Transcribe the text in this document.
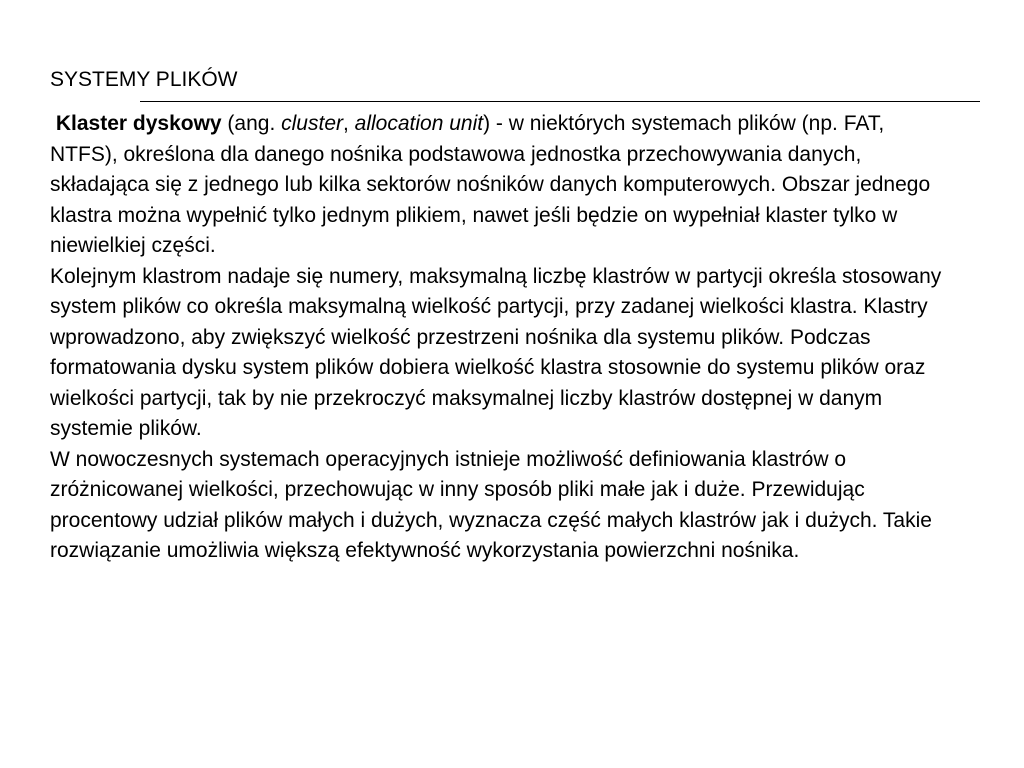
SYSTEMY PLIKÓW

Klaster dyskowy (ang. cluster, allocation unit) - w niektórych systemach plików (np. FAT, NTFS), określona dla danego nośnika podstawowa jednostka przechowywania danych, składająca się z jednego lub kilka sektorów nośników danych komputerowych. Obszar jednego klastra można wypełnić tylko jednym plikiem, nawet jeśli będzie on wypełniał klaster tylko w niewielkiej części.

Kolejnym klastrom nadaje się numery, maksymalną liczbę klastrów w partycji określa stosowany system plików co określa maksymalną wielkość partycji, przy zadanej wielkości klastra. Klastry wprowadzono, aby zwiększyć wielkość przestrzeni nośnika dla systemu plików. Podczas formatowania dysku system plików dobiera wielkość klastra stosownie do systemu plików oraz wielkości partycji, tak by nie przekroczyć maksymalnej liczby klastrów dostępnej w danym systemie plików.

W nowoczesnych systemach operacyjnych istnieje możliwość definiowania klastrów o zróżnicowanej wielkości, przechowując w inny sposób pliki małe jak i duże. Przewidując procentowy udział plików małych i dużych, wyznacza część małych klastrów jak i dużych. Takie rozwiązanie umożliwia większą efektywność wykorzystania powierzchni nośnika.
